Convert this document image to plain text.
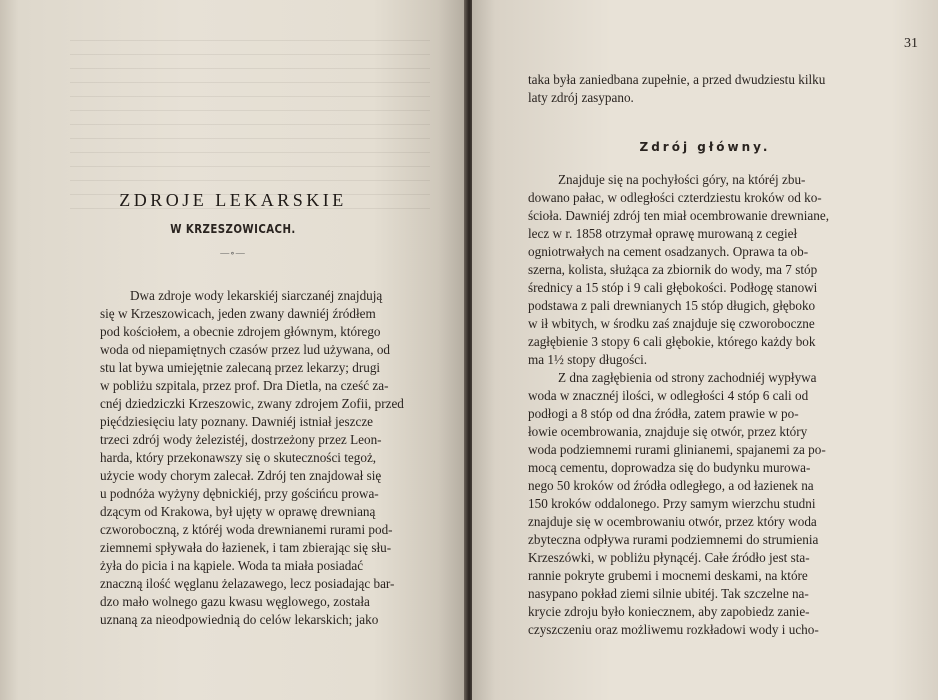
ZDROJE LEKARSKIE
W KRZESZOWICACH.
—∘—
Dwa zdroje wody lekarskiéj siarczanéj znajdują
się w Krzeszowicach, jeden zwany dawniéj źródłem
pod kościołem, a obecnie zdrojem głównym, którego
woda od niepamiętnych czasów przez lud używana, od
stu lat bywa umiejętnie zalecaną przez lekarzy; drugi
w pobliżu szpitala, przez prof. Dra Dietla, na cześć za-
cnéj dziedziczki Krzeszowic, zwany zdrojem Zofii, przed
pięćdziesięciu laty poznany. Dawniéj istniał jeszcze
trzeci zdrój wody żelezistéj, dostrzeżony przez Leon-
harda, który przekonawszy się o skuteczności tegoż,
użycie wody chorym zalecał. Zdrój ten znajdował się
u podnóża wyżyny dębnickiéj, przy gościńcu prowa-
dzącym od Krakowa, był ujęty w oprawę drewnianą
czworoboczną, z któréj woda drewnianemi rurami pod-
ziemnemi spływała do łazienek, i tam zbierając się słu-
żyła do picia i na kąpiele. Woda ta miała posiadać
znaczną ilość węglanu żelazawego, lecz posiadając bar-
dzo mało wolnego gazu kwasu węglowego, została
uznaną za nieodpowiednią do celów lekarskich; jako
31
taka była zaniedbana zupełnie, a przed dwudziestu kilku
laty zdrój zasypano.
Zdrój główny.
Znajduje się na pochyłości góry, na któréj zbu-
dowano pałac, w odległości czterdziestu kroków od ko-
ścioła. Dawniéj zdrój ten miał ocembrowanie drewniane,
lecz w r. 1858 otrzymał oprawę murowaną z cegieł
ogniotrwałych na cement osadzanych. Oprawa ta ob-
szerna, kolista, służąca za zbiornik do wody, ma 7 stóp
średnicy a 15 stóp i 9 cali głębokości. Podłogę stanowi
podstawa z pali drewnianych 15 stóp długich, głęboko
w ił wbitych, w środku zaś znajduje się czworoboczne
zagłębienie 3 stopy 6 cali głębokie, którego każdy bok
ma 1½ stopy długości.
Z dna zagłębienia od strony zachodniéj wypływa
woda w znacznéj ilości, w odległości 4 stóp 6 cali od
podłogi a 8 stóp od dna źródła, zatem prawie w po-
łowie ocembrowania, znajduje się otwór, przez który
woda podziemnemi rurami glinianemi, spajanemi za po-
mocą cementu, doprowadza się do budynku murowa-
nego 50 kroków od źródła odległego, a od łazienek na
150 kroków oddalonego. Przy samym wierzchu studni
znajduje się w ocembrowaniu otwór, przez który woda
zbyteczna odpływa rurami podziemnemi do strumienia
Krzeszówki, w pobliżu płynącéj. Całe źródło jest sta-
rannie pokryte grubemi i mocnemi deskami, na które
nasypano pokład ziemi silnie ubitéj. Tak szczelne na-
krycie zdroju było koniecznem, aby zapobiedz zanie-
czyszczeniu oraz możliwemu rozkładowi wody i ucho-
